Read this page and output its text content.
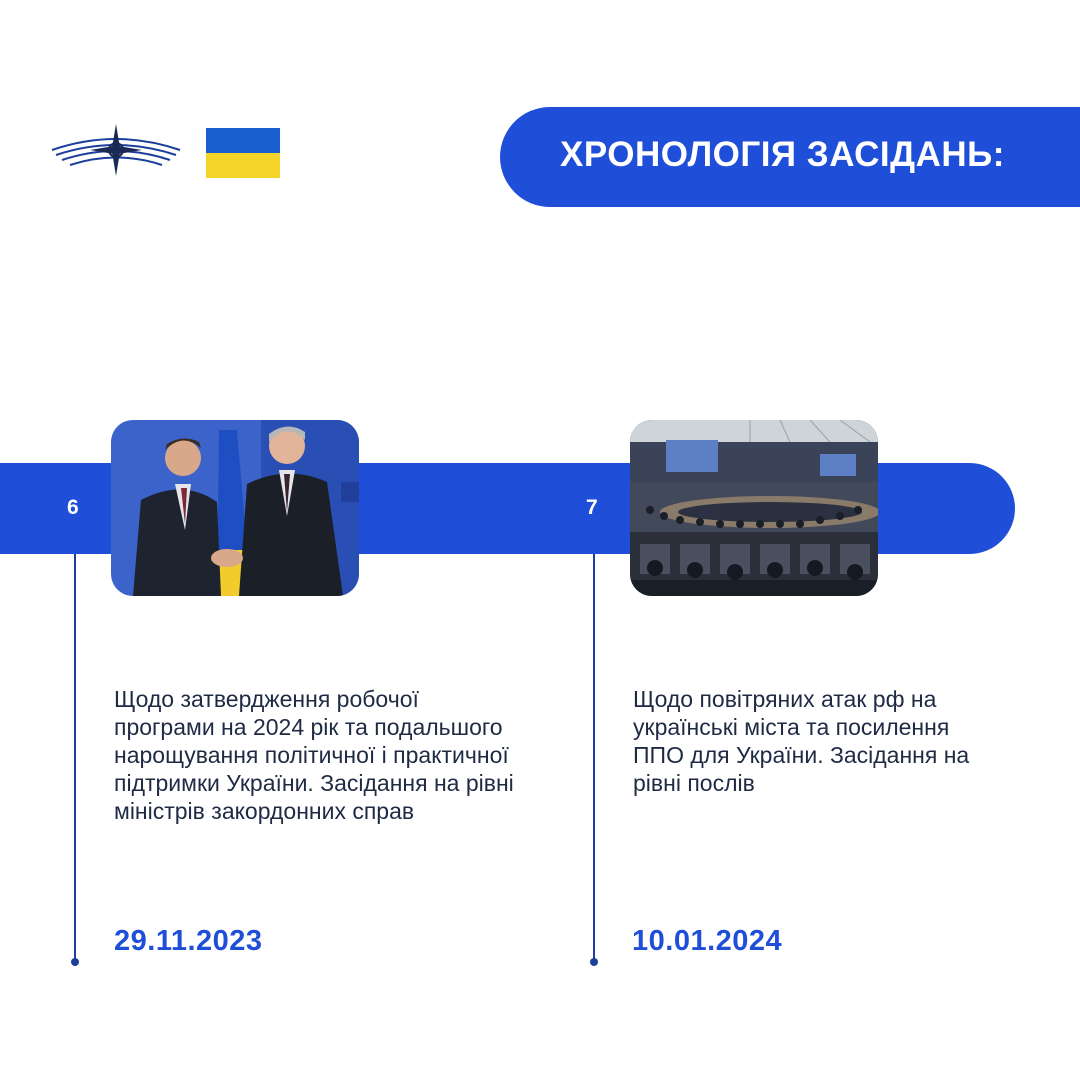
ХРОНОЛОГІЯ ЗАСІДАНЬ:
6	7
Щодо затвердження робочої програми на 2024 рік та подальшого нарощування політичної і практичної підтримки України. Засідання на рівні міністрів закордонних справ
Щодо повітряних атак рф на українські міста та посилення ППО для України. Засідання на рівні послів
29.11.2023	10.01.2024
